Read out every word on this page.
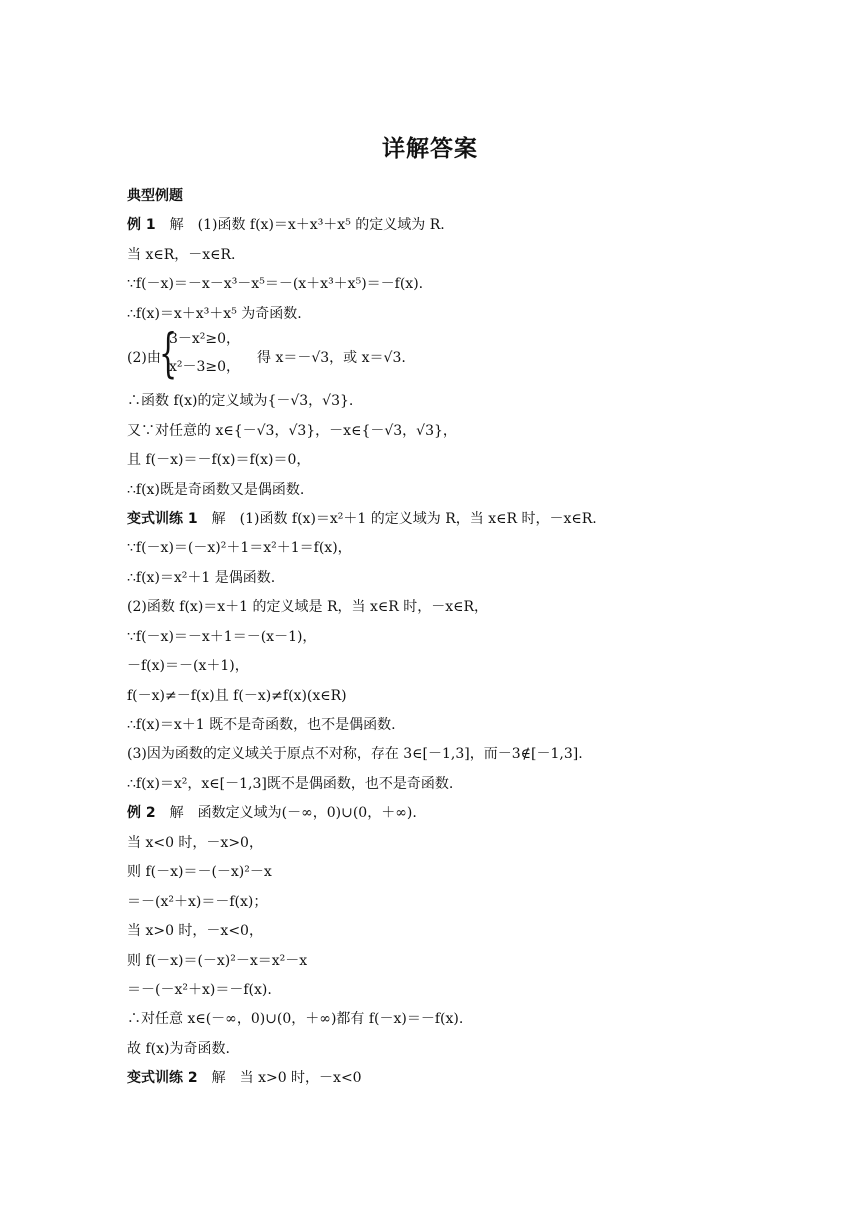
详解答案
典型例题
例 1　 解　(1)函数 f(x)＝x＋x³＋x⁵ 的定义域为 R.
当 x∈R，－x∈R.
∵f(－x)＝－x－x³－x⁵＝－(x＋x³＋x⁵)＝－f(x).
∴f(x)＝x＋x³＋x⁵ 为奇函数.
(2)由
{
3－x²≥0，
x²－3≥0，
得 x＝－√3，或 x＝√3.
∴函数 f(x)的定义域为{－√3，√3}.
又∵对任意的 x∈{－√3，√3}，－x∈{－√3，√3}，
且 f(－x)＝－f(x)＝f(x)＝0，
∴f(x)既是奇函数又是偶函数.
变式训练 1　 解　(1)函数 f(x)＝x²＋1 的定义域为 R，当 x∈R 时，－x∈R.
∵f(－x)＝(－x)²＋1＝x²＋1＝f(x)，
∴f(x)＝x²＋1 是偶函数.
(2)函数 f(x)＝x＋1 的定义域是 R，当 x∈R 时，－x∈R，
∵f(－x)＝－x＋1＝－(x－1)，
－f(x)＝－(x＋1)，
f(－x)≠－f(x)且 f(－x)≠f(x)(x∈R)
∴f(x)＝x＋1 既不是奇函数，也不是偶函数.
(3)因为函数的定义域关于原点不对称，存在 3∈[－1,3]，而－3∉[－1,3].
∴f(x)＝x²，x∈[－1,3]既不是偶函数，也不是奇函数.
例 2　 解　函数定义域为(－∞，0)∪(0，＋∞).
当 x<0 时，－x>0，
则 f(－x)＝－(－x)²－x
＝－(x²＋x)＝－f(x)；
当 x>0 时，－x<0，
则 f(－x)＝(－x)²－x＝x²－x
＝－(－x²＋x)＝－f(x).
∴对任意 x∈(－∞，0)∪(0，＋∞)都有 f(－x)＝－f(x).
故 f(x)为奇函数.
变式训练 2　 解　当 x>0 时，－x<0
